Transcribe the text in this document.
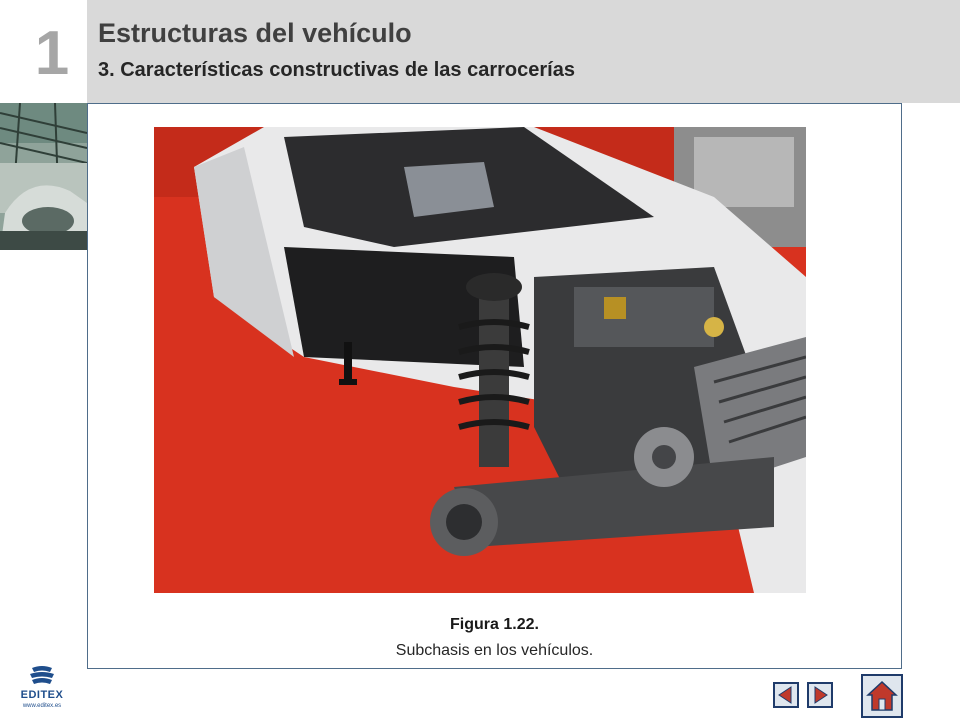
1	Estructuras del vehículo
3. Características constructivas de las carrocerías
Figura 1.22.
Subchasis en los vehículos.
EDITEX
www.editex.es
